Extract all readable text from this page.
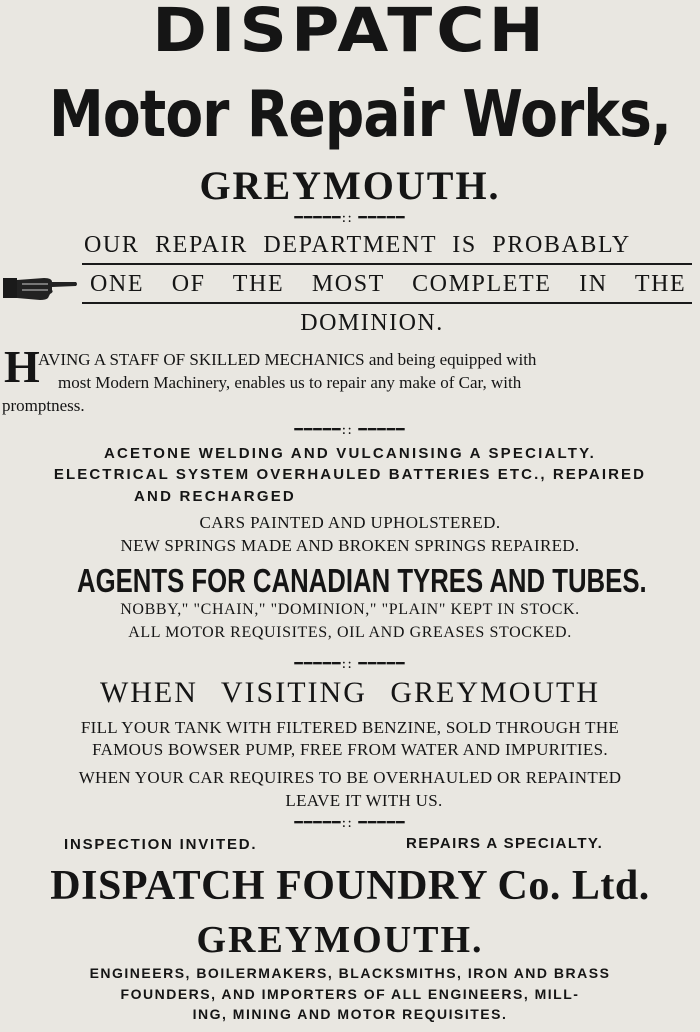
DISPATCH
Motor Repair Works,
GREYMOUTH.
━━━━━:: ━━━━━
OUR REPAIR DEPARTMENT IS PROBABLY
ONE OF THE MOST COMPLETE IN THE
DOMINION.
H
AVING A STAFF OF SKILLED MECHANICS and being equipped with
most Modern Machinery, enables us to repair any make of Car, with
promptness.
━━━━━:: ━━━━━
ACETONE WELDING AND VULCANISING A SPECIALTY.
ELECTRICAL SYSTEM OVERHAULED BATTERIES ETC., REPAIRED
AND RECHARGED
CARS PAINTED AND UPHOLSTERED.
NEW SPRINGS MADE AND BROKEN SPRINGS REPAIRED.
AGENTS FOR CANADIAN TYRES AND TUBES.
NOBBY," "CHAIN," "DOMINION," "PLAIN" KEPT IN STOCK.
ALL MOTOR REQUISITES, OIL AND GREASES STOCKED.
━━━━━:: ━━━━━
WHEN VISITING GREYMOUTH
FILL YOUR TANK WITH FILTERED BENZINE, SOLD THROUGH THE
FAMOUS BOWSER PUMP, FREE FROM WATER AND IMPURITIES.
WHEN YOUR CAR REQUIRES TO BE OVERHAULED OR REPAINTED
LEAVE IT WITH US.
━━━━━:: ━━━━━
INSPECTION INVITED.	REPAIRS A SPECIALTY.
DISPATCH FOUNDRY Co. Ltd.
GREYMOUTH.
ENGINEERS, BOILERMAKERS, BLACKSMITHS, IRON AND BRASS
FOUNDERS, AND IMPORTERS OF ALL ENGINEERS, MILL-
ING, MINING AND MOTOR REQUISITES.
